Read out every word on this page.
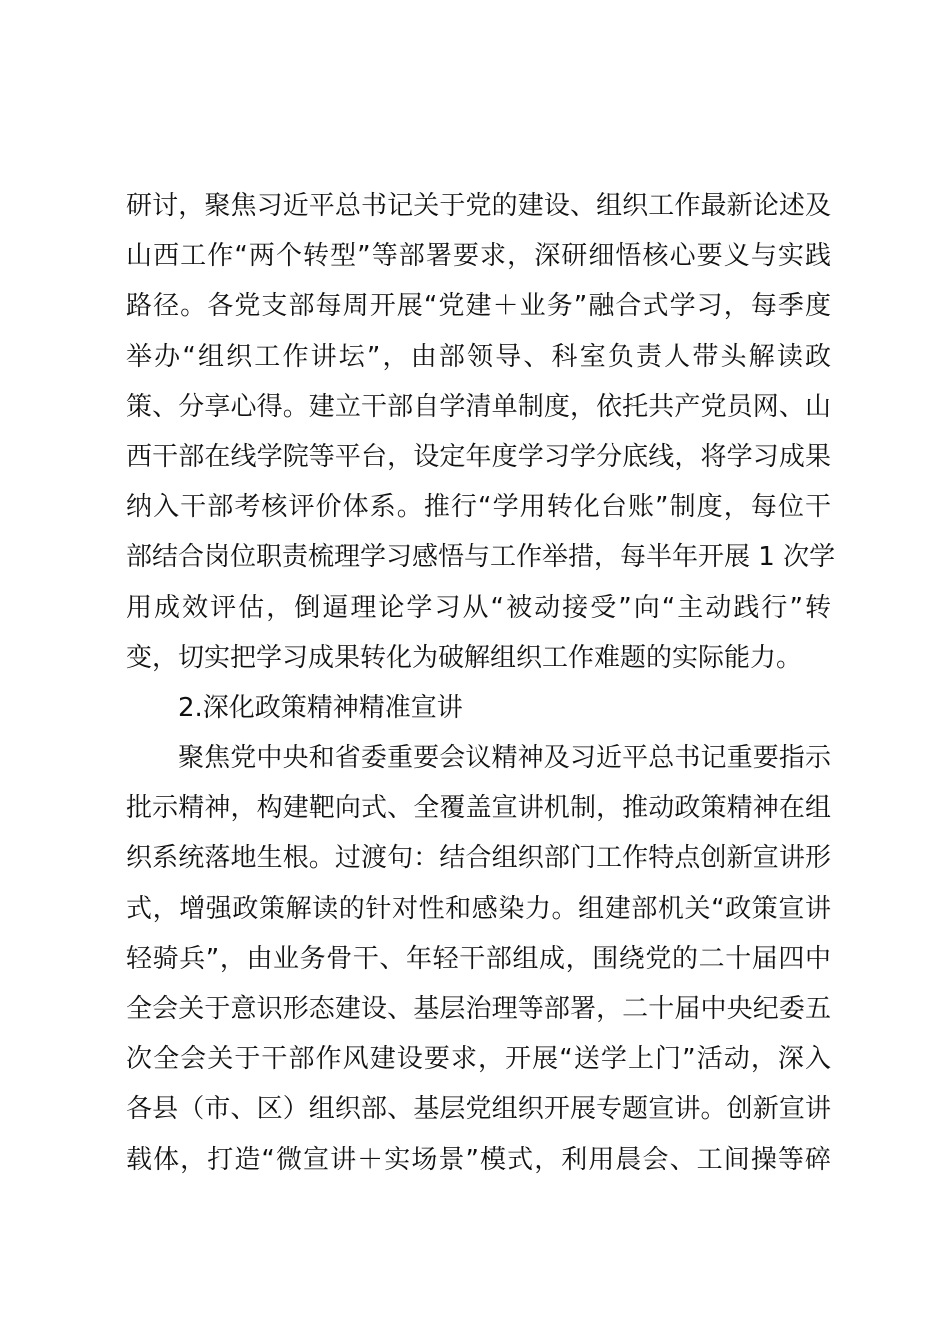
研讨，聚焦习近平总书记关于党的建设、组织工作最新论述及
山西工作“两个转型”等部署要求，深研细悟核心要义与实践
路径。各党支部每周开展“党建＋业务”融合式学习，每季度
举办“组织工作讲坛”，由部领导、科室负责人带头解读政
策、分享心得。建立干部自学清单制度，依托共产党员网、山
西干部在线学院等平台，设定年度学习学分底线，将学习成果
纳入干部考核评价体系。推行“学用转化台账”制度，每位干
部结合岗位职责梳理学习感悟与工作举措，每半年开展 1 次学
用成效评估，倒逼理论学习从“被动接受”向“主动践行”转
变，切实把学习成果转化为破解组织工作难题的实际能力。
2.深化政策精神精准宣讲
聚焦党中央和省委重要会议精神及习近平总书记重要指示
批示精神，构建靶向式、全覆盖宣讲机制，推动政策精神在组
织系统落地生根。过渡句：结合组织部门工作特点创新宣讲形
式，增强政策解读的针对性和感染力。组建部机关“政策宣讲
轻骑兵”，由业务骨干、年轻干部组成，围绕党的二十届四中
全会关于意识形态建设、基层治理等部署，二十届中央纪委五
次全会关于干部作风建设要求，开展“送学上门”活动，深入
各县（市、区）组织部、基层党组织开展专题宣讲。创新宣讲
载体，打造“微宣讲＋实场景”模式，利用晨会、工间操等碎
